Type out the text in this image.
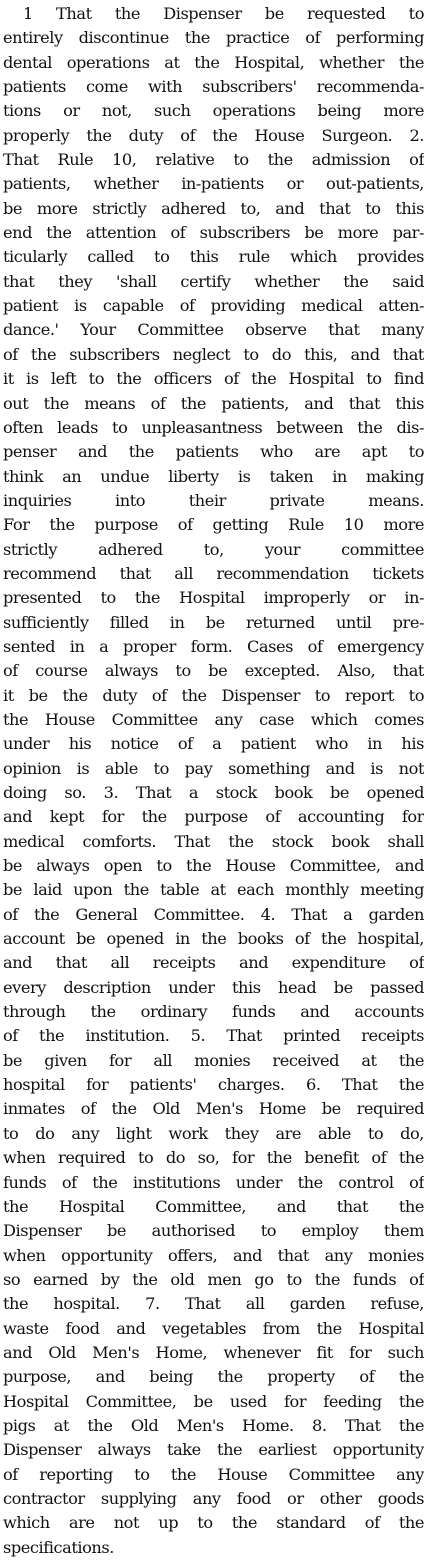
1 That the Dispenser be requested to
entirely discontinue the practice of performing
dental operations at the Hospital, whether the
patients come with subscribers' recommenda-
tions or not, such operations being more
properly the duty of the House Surgeon. 2.
That Rule 10, relative to the admission of
patients, whether in-patients or out-patients,
be more strictly adhered to, and that to this
end the attention of subscribers be more par-
ticularly called to this rule which provides
that they 'shall certify whether the said
patient is capable of providing medical atten-
dance.' Your Committee observe that many
of the subscribers neglect to do this, and that
it is left to the officers of the Hospital to find
out the means of the patients, and that this
often leads to unpleasantness between the dis-
penser and the patients who are apt to
think an undue liberty is taken in making
inquiries into their private means.
For the purpose of getting Rule 10 more
strictly adhered to, your committee
recommend that all recommendation tickets
presented to the Hospital improperly or in-
sufficiently filled in be returned until pre-
sented in a proper form. Cases of emergency
of course always to be excepted. Also, that
it be the duty of the Dispenser to report to
the House Committee any case which comes
under his notice of a patient who in his
opinion is able to pay something and is not
doing so. 3. That a stock book be opened
and kept for the purpose of accounting for
medical comforts. That the stock book shall
be always open to the House Committee, and
be laid upon the table at each monthly meeting
of the General Committee. 4. That a garden
account be opened in the books of the hospital,
and that all receipts and expenditure of
every description under this head be passed
through the ordinary funds and accounts
of the institution. 5. That printed receipts
be given for all monies received at the
hospital for patients' charges. 6. That the
inmates of the Old Men's Home be required
to do any light work they are able to do,
when required to do so, for the benefit of the
funds of the institutions under the control of
the Hospital Committee, and that the
Dispenser be authorised to employ them
when opportunity offers, and that any monies
so earned by the old men go to the funds of
the hospital. 7. That all garden refuse,
waste food and vegetables from the Hospital
and Old Men's Home, whenever fit for such
purpose, and being the property of the
Hospital Committee, be used for feeding the
pigs at the Old Men's Home. 8. That the
Dispenser always take the earliest opportunity
of reporting to the House Committee any
contractor supplying any food or other goods
which are not up to the standard of the
specifications.
